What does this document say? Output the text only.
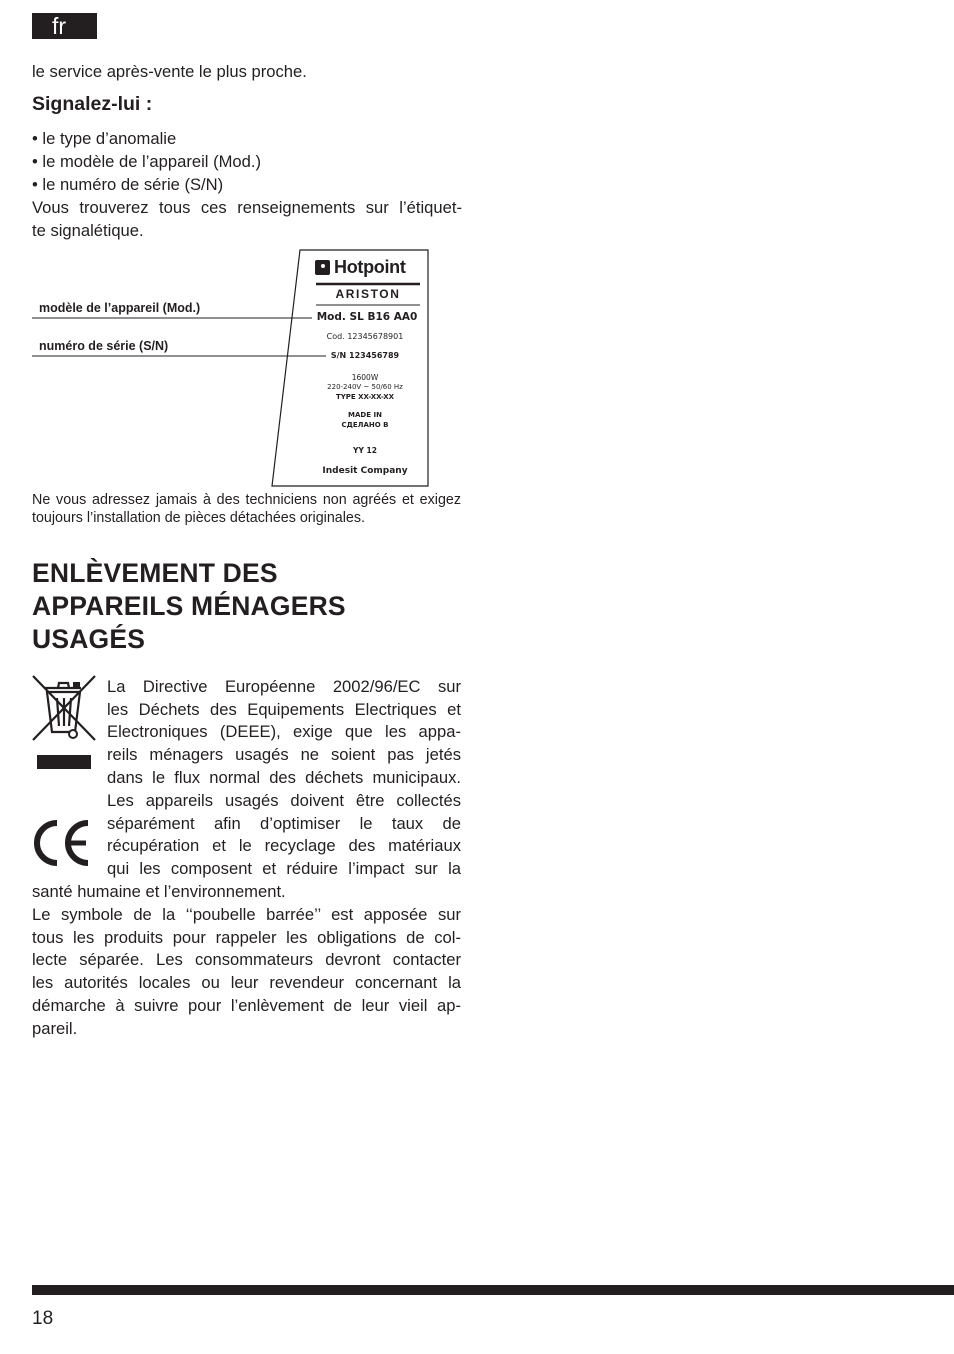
fr
le service après-vente le plus proche.
Signalez-lui :
• le type d’anomalie
• le modèle de l’appareil (Mod.)
• le numéro de série (S/N)
Vous trouverez tous ces renseignements sur l’étiquet-
te signalétique.
modèle de l’appareil (Mod.)
numéro de série (S/N)
Hotpoint
ARISTON
Mod. SL B16 AA0
Cod. 12345678901
S/N 123456789
1600W
220-240V ~ 50/60 Hz
TYPE XX-XX-XX
MADE IN
СДЕЛАНО В
YY 12
Indesit Company
Ne vous adressez jamais à des techniciens non agréés et exigez toujours l’installation de pièces détachées originales.
ENLÈVEMENT DES
APPAREILS MÉNAGERS
USAGÉS
La Directive Européenne 2002/96/EC sur
les Déchets des Equipements Electriques et
Electroniques (DEEE), exige que les appa-
reils ménagers usagés ne soient pas jetés
dans le flux normal des déchets municipaux.
Les appareils usagés doivent être collectés
séparément afin d’optimiser le taux de
récupération et le recyclage des matériaux
qui les composent et réduire l’impact sur la
santé humaine et l’environnement.
Le symbole de la ‘‘poubelle barrée’’ est apposée sur
tous les produits pour rappeler les obligations de col-
lecte séparée. Les consommateurs devront contacter
les autorités locales ou leur revendeur concernant la
démarche à suivre pour l’enlèvement de leur vieil ap-
pareil.
18
